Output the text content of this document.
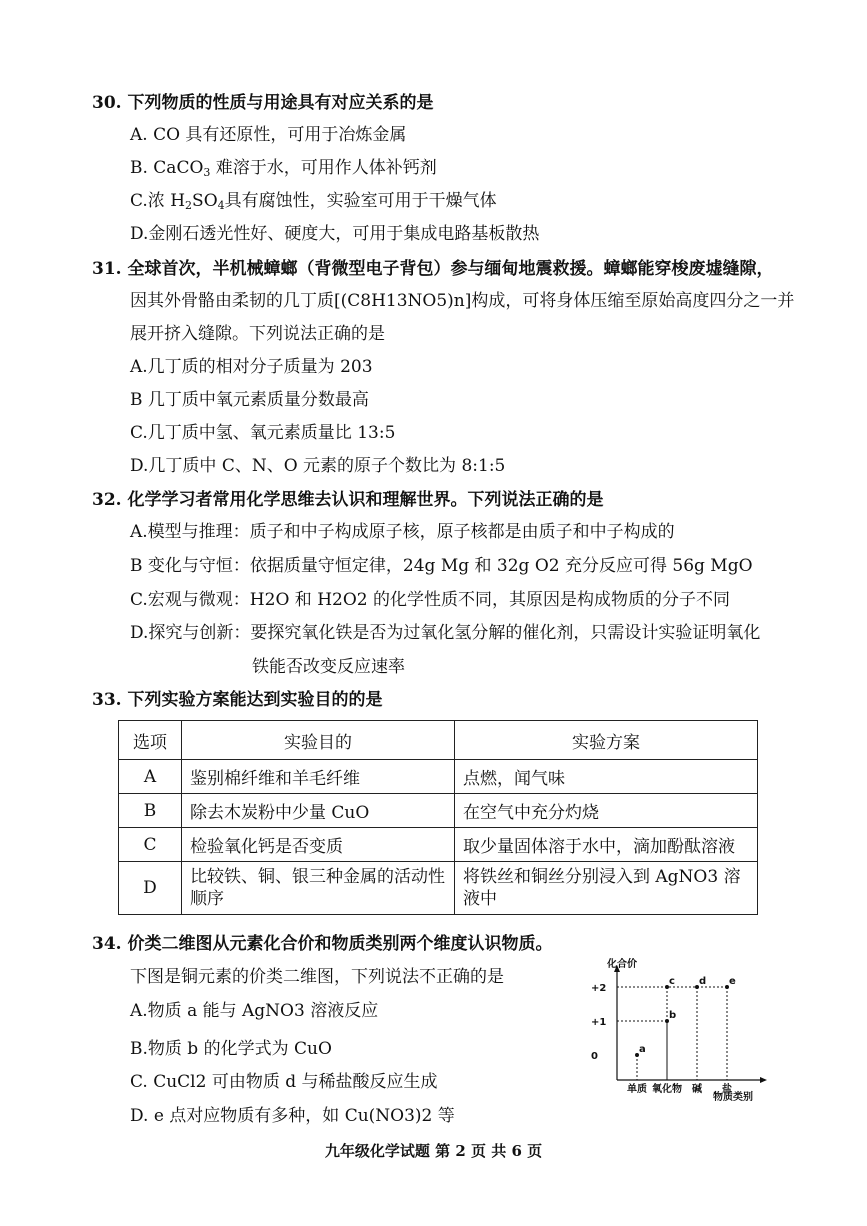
30. 下列物质的性质与用途具有对应关系的是
A. CO 具有还原性，可用于冶炼金属
B. CaCO$_3$ 难溶于水，可用作人体补钙剂
C.浓 $H_2SO_4$具有腐蚀性，实验室可用于干燥气体
D.金刚石透光性好、硬度大，可用于集成电路基板散热
31. 全球首次，半机械蟑螂（背微型电子背包）参与缅甸地震救援。蟑螂能穿梭废墟缝隙，
因其外骨骼由柔韧的几丁质[(C8H13NO5)n]构成，可将身体压缩至原始高度四分之一并
展开挤入缝隙。下列说法正确的是
A.几丁质的相对分子质量为 203
B 几丁质中氧元素质量分数最高
C.几丁质中氢、氧元素质量比 13:5
D.几丁质中 C、N、O 元素的原子个数比为 8:1:5
32. 化学学习者常用化学思维去认识和理解世界。下列说法正确的是
A.模型与推理：质子和中子构成原子核，原子核都是由质子和中子构成的
B 变化与守恒：依据质量守恒定律，24g Mg 和 32g O2 充分反应可得 56g MgO
C.宏观与微观：H2O 和 H2O2 的化学性质不同，其原因是构成物质的分子不同
D.探究与创新：要探究氧化铁是否为过氧化氢分解的催化剂，只需设计实验证明氧化
铁能否改变反应速率
33. 下列实验方案能达到实验目的的是
选项	实验目的	实验方案
A	鉴别棉纤维和羊毛纤维	点燃，闻气味
B	除去木炭粉中少量 CuO	在空气中充分灼烧
C	检验氧化钙是否变质	取少量固体溶于水中，滴加酚酞溶液
D	比较铁、铜、银三种金属的活动性顺序	将铁丝和铜丝分别浸入到 AgNO3 溶液中
34. 价类二维图从元素化合价和物质类别两个维度认识物质。
下图是铜元素的价类二维图，下列说法不正确的是
A.物质 a 能与 AgNO3 溶液反应
B.物质 b 的化学式为 CuO
C. CuCl2 可由物质 d 与稀盐酸反应生成
D. e 点对应物质有多种，如 Cu(NO3)2 等
化合价
物质类别
0
+1
+2
单质 氧化物 碱 盐
a
b
c d e
九年级化学试题 第 2 页 共 6 页
